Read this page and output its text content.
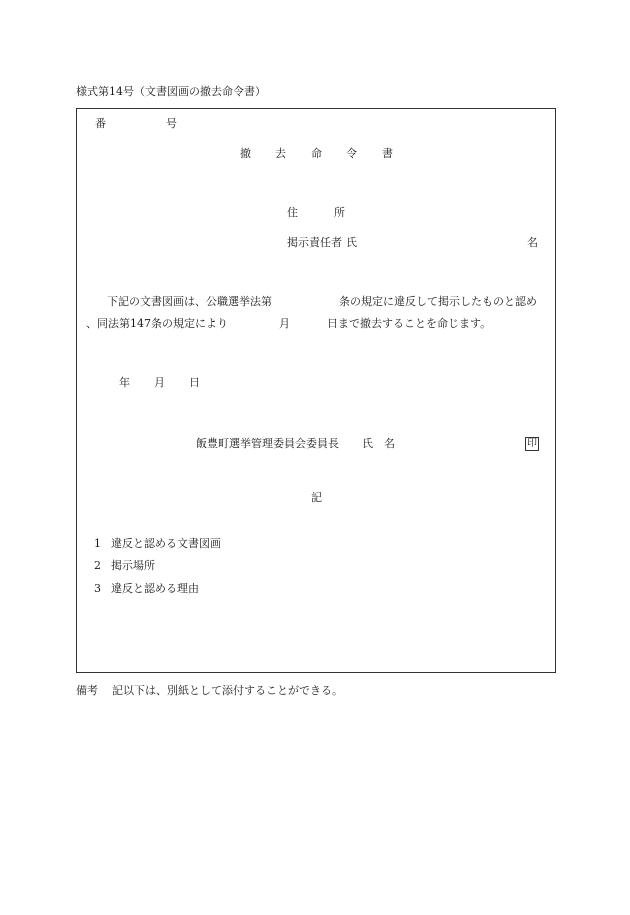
様式第14号（文書図画の撤去命令書）
番	号
撤 去 命 令 書
住	所
掲示責任者 氏	名
下記の文書図画は、公職選挙法第	条の規定に違反して掲示したものと認め
、同法第147条の規定により	月	日まで撤去することを命じます。
年 月 日
飯豊町選挙管理委員会委員長 氏 名	印
記
1 違反と認める文書図画
2 掲示場所
3 違反と認める理由
備考 記以下は、別紙として添付することができる。
